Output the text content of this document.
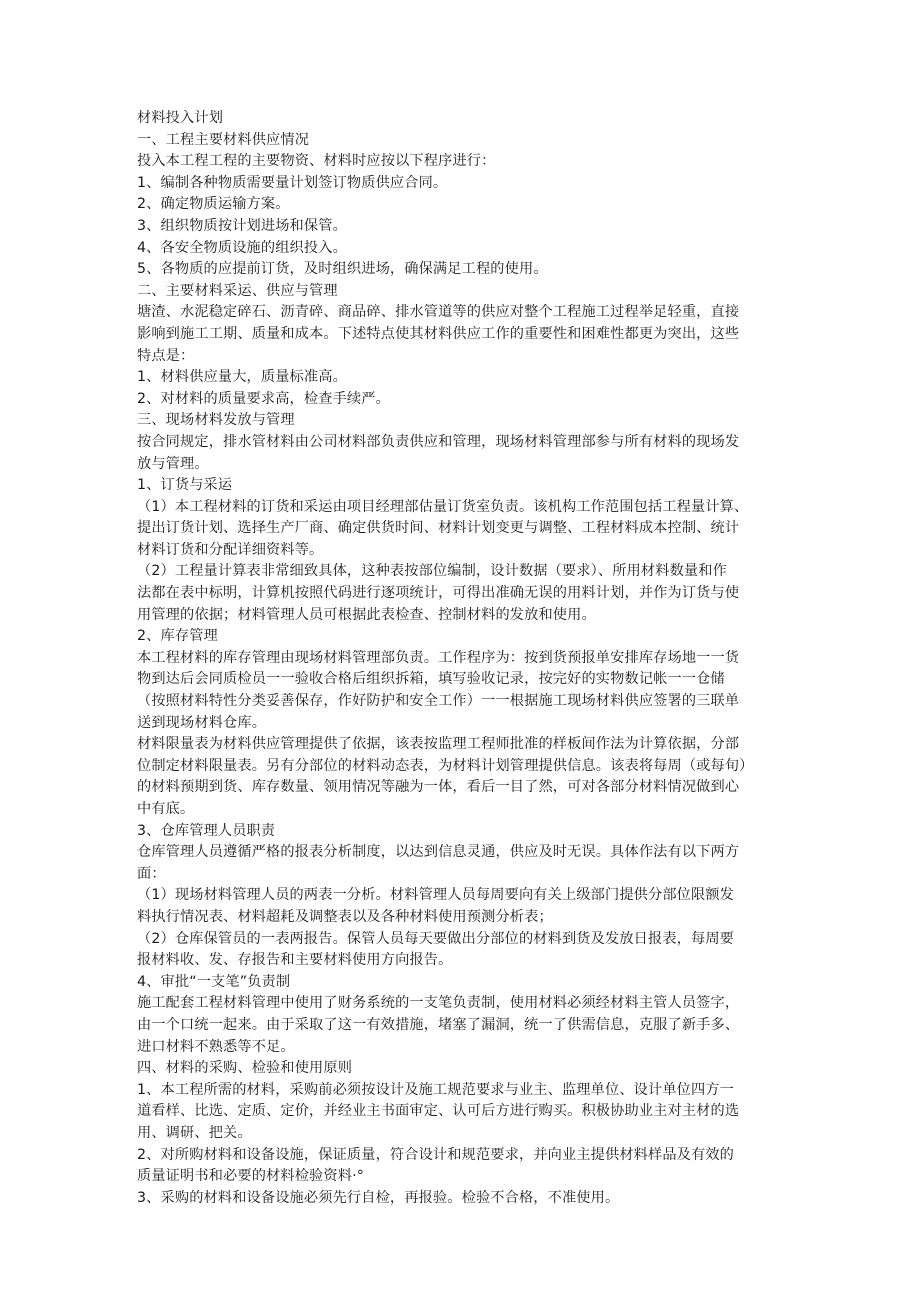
材料投入计划
一、工程主要材料供应情况
投入本工程工程的主要物资、材料时应按以下程序进行：
1、编制各种物质需要量计划签订物质供应合同。
2、确定物质运输方案。
3、组织物质按计划进场和保管。
4、各安全物质设施的组织投入。
5、各物质的应提前订货，及时组织进场，确保满足工程的使用。
二、主要材料采运、供应与管理
塘渣、水泥稳定碎石、沥青碎、商品碎、排水管道等的供应对整个工程施工过程举足轻重，直接
影响到施工工期、质量和成本。下述特点使其材料供应工作的重要性和困难性都更为突出，这些
特点是：
1、材料供应量大，质量标准高。
2、对材料的质量要求高，检查手续严。
三、现场材料发放与管理
按合同规定，排水管材料由公司材料部负责供应和管理，现场材料管理部参与所有材料的现场发
放与管理。
1、订货与采运
（1）本工程材料的订货和采运由项目经理部估量订货室负责。该机构工作范围包括工程量计算、
提出订货计划、选择生产厂商、确定供货时间、材料计划变更与调整、工程材料成本控制、统计
材料订货和分配详细资料等。
（2）工程量计算表非常细致具体，这种表按部位编制，设计数据（要求）、所用材料数量和作
法都在表中标明，计算机按照代码进行逐项统计，可得出准确无误的用料计划，并作为订货与使
用管理的依据；材料管理人员可根据此表检查、控制材料的发放和使用。
2、库存管理
本工程材料的库存管理由现场材料管理部负责。工作程序为：按到货预报单安排库存场地一一货
物到达后会同质检员一一验收合格后组织拆箱，填写验收记录，按完好的实物数记帐一一仓储
（按照材料特性分类妥善保存，作好防护和安全工作）一一根据施工现场材料供应签署的三联单
送到现场材料仓库。
材料限量表为材料供应管理提供了依据，该表按监理工程师批准的样板间作法为计算依据，分部
位制定材料限量表。另有分部位的材料动态表，为材料计划管理提供信息。该表将每周（或每旬）
的材料预期到货、库存数量、领用情况等融为一体，看后一目了然，可对各部分材料情况做到心
中有底。
3、仓库管理人员职责
仓库管理人员遵循严格的报表分析制度，以达到信息灵通，供应及时无误。具体作法有以下两方
面：
（1）现场材料管理人员的两表一分析。材料管理人员每周要向有关上级部门提供分部位限额发
料执行情况表、材料超耗及调整表以及各种材料使用预测分析表；
（2）仓库保管员的一表两报告。保管人员每天要做出分部位的材料到货及发放日报表，每周要
报材料收、发、存报告和主要材料使用方向报告。
4、审批“一支笔”负责制
施工配套工程材料管理中使用了财务系统的一支笔负责制，使用材料必须经材料主管人员签字，
由一个口统一起来。由于采取了这一有效措施，堵塞了漏洞，统一了供需信息，克服了新手多、
进口材料不熟悉等不足。
四、材料的采购、检验和使用原则
1、本工程所需的材料，采购前必须按设计及施工规范要求与业主、监理单位、设计单位四方一
道看样、比选、定质、定价，并经业主书面审定、认可后方进行购买。积极协助业主对主材的选
用、调研、把关。
2、对所购材料和设备设施，保证质量，符合设计和规范要求，并向业主提供材料样品及有效的
质量证明书和必要的材料检验资料·°
3、采购的材料和设备设施必须先行自检，再报验。检验不合格，不准使用。
